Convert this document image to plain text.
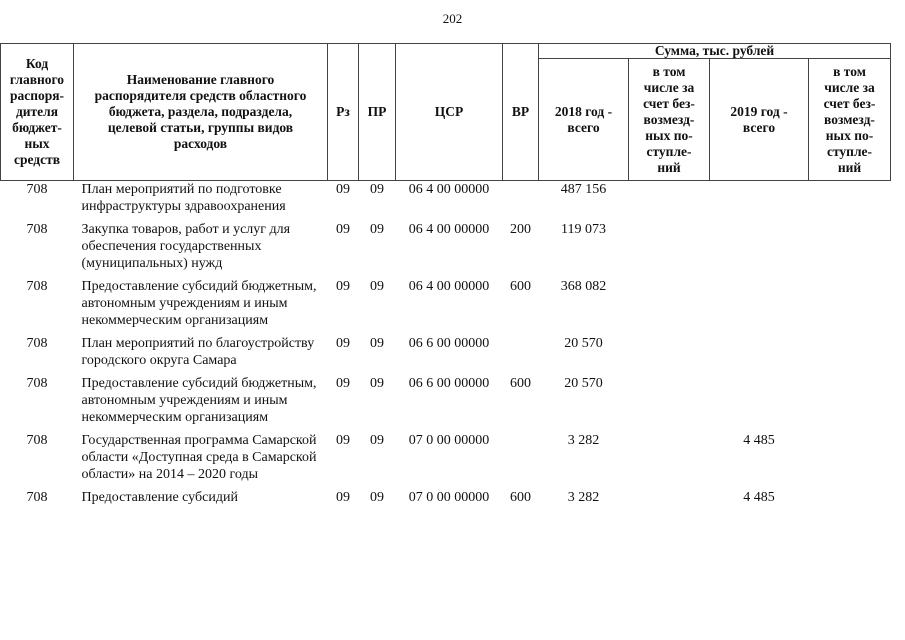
202
Код главного распоря-дителя бюджет-ных средств	Наименование главного распорядителя средств областного бюджета, раздела, подраздела, целевой статьи, группы видов расходов	Рз	ПР	ЦСР	ВР	Сумма, тыс. рублей			
						2018 год - всего	в том числе за счет без-возмезд-ных по-ступле-ний	2019 год - всего	в том числе за счет без-возмезд-ных по-ступле-ний
708	План мероприятий по подготовке инфраструктуры здравоохранения	09	09	06 4 00 00000		487 156			
708	Закупка товаров, работ и услуг для обеспечения государственных (муниципальных) нужд	09	09	06 4 00 00000	200	119 073			
708	Предоставление субсидий бюджетным, автономным учреждениям и иным некоммерческим организациям	09	09	06 4 00 00000	600	368 082			
708	План мероприятий по благоустройству городского округа Самара	09	09	06 6 00 00000		20 570			
708	Предоставление субсидий бюджетным, автономным учреждениям и иным некоммерческим организациям	09	09	06 6 00 00000	600	20 570			
708	Государственная программа Самарской области «Доступная среда в Самарской области» на 2014 – 2020 годы	09	09	07 0 00 00000		3 282		4 485	
708	Предоставление субсидий	09	09	07 0 00 00000	600	3 282		4 485	
